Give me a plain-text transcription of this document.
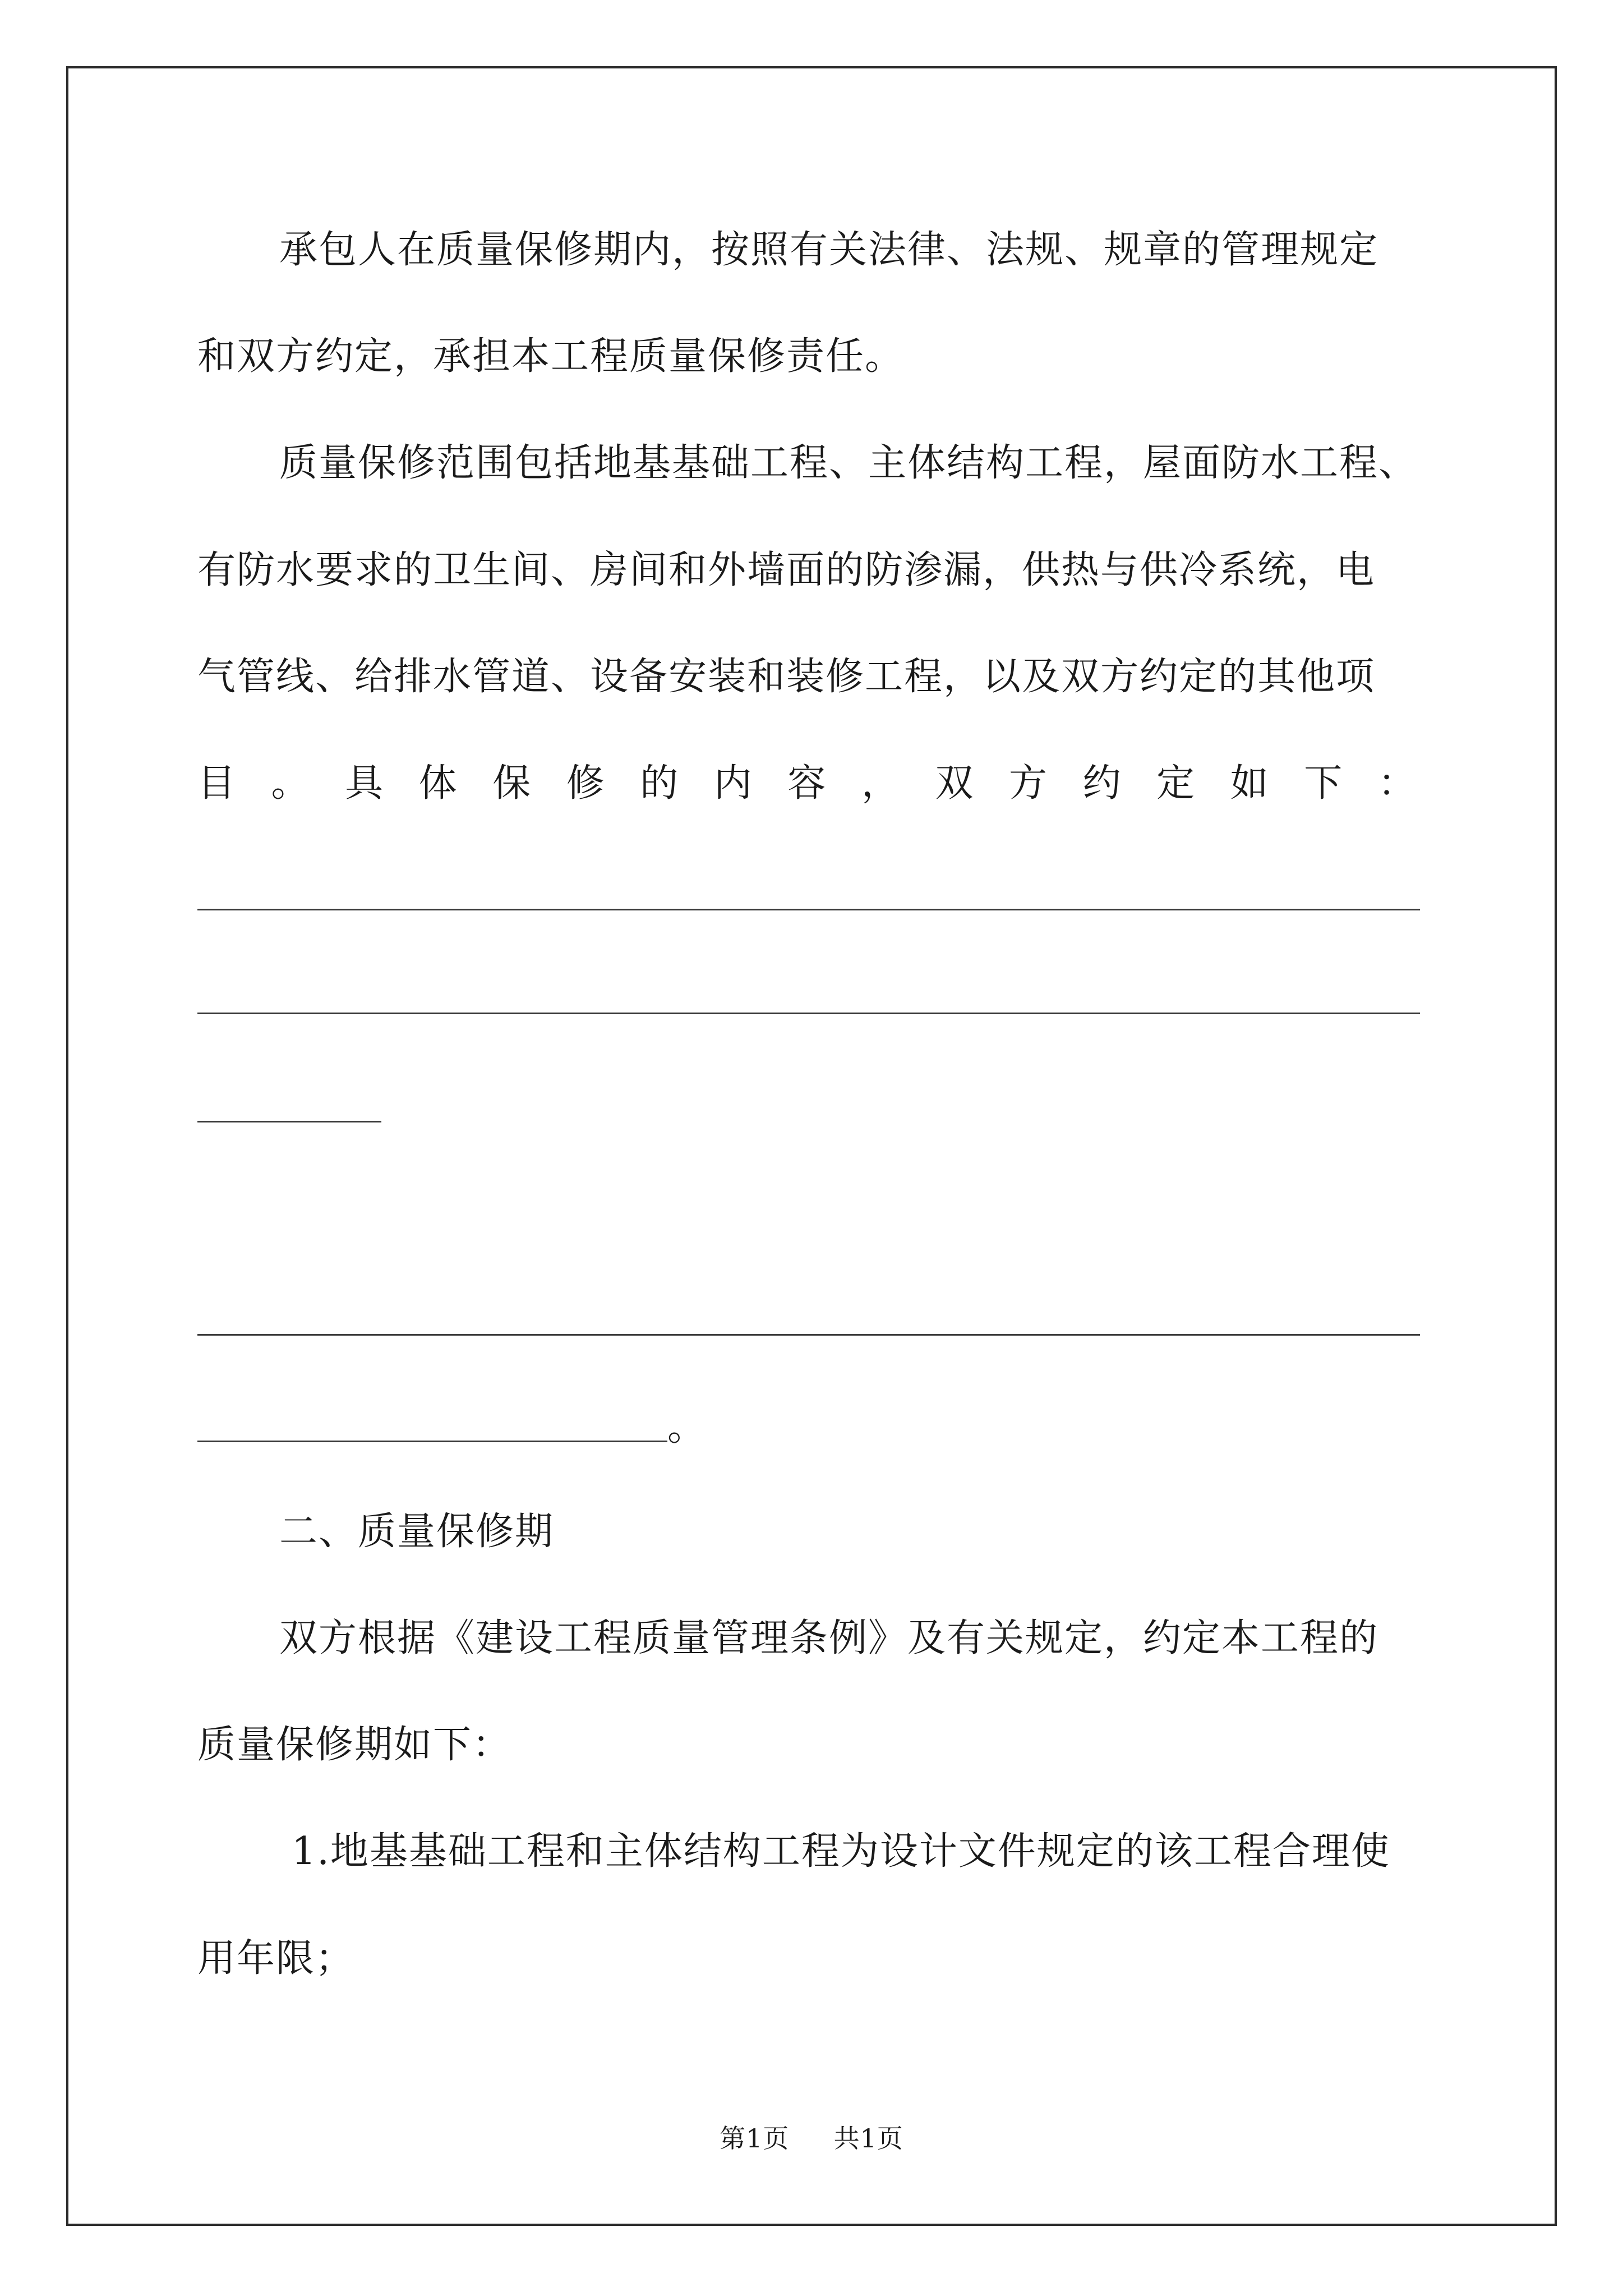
承包人在质量保修期内，按照有关法律、法规、规章的管理规定
和双方约定，承担本工程质量保修责任。
质量保修范围包括地基基础工程、主体结构工程，屋面防水工程、
有防水要求的卫生间、房间和外墙面的防渗漏，供热与供冷系统，电
气管线、给排水管道、设备安装和装修工程，以及双方约定的其他项
目 。 具 体 保 修 的 内 容 ， 双 方 约 定 如 下 ：
。
二、质量保修期
双方根据《建设工程质量管理条例》及有关规定，约定本工程的
质量保修期如下：
1.地基基础工程和主体结构工程为设计文件规定的该工程合理使
用年限；
第1页 共1页
